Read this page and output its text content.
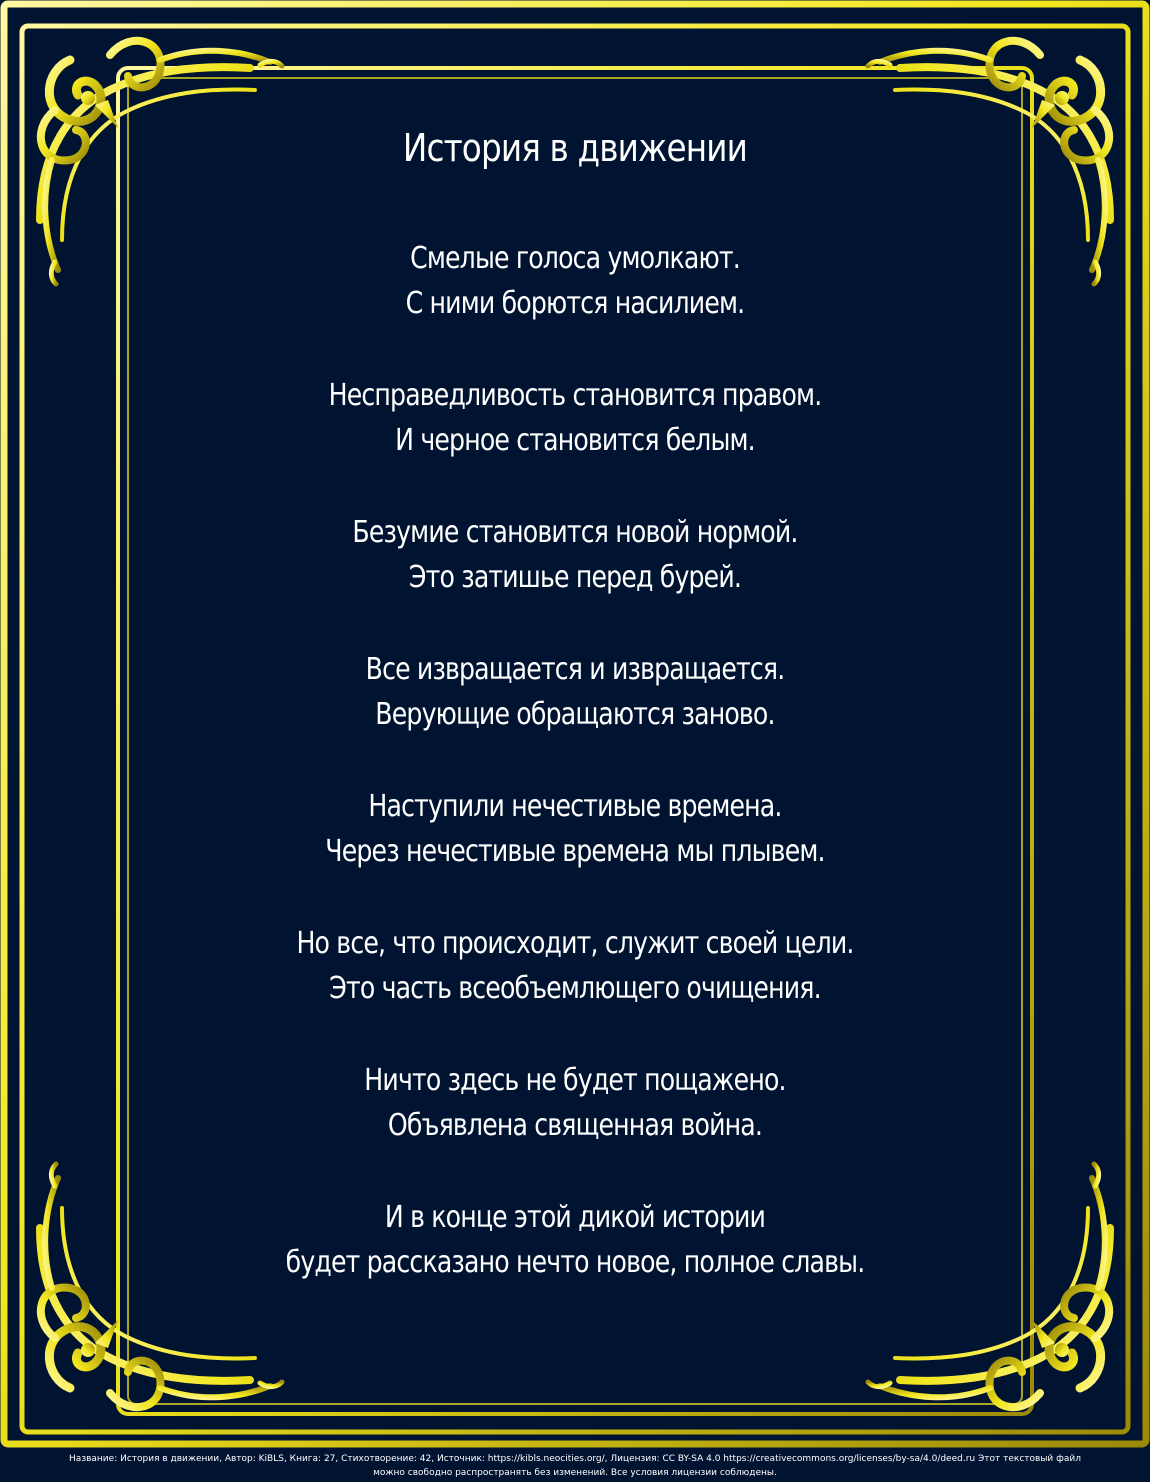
История в движении
Смелые голоса умолкают.
С ними борются насилием.
Несправедливость становится правом.
И черное становится белым.
Безумие становится новой нормой.
Это затишье перед бурей.
Все извращается и извращается.
Верующие обращаются заново.
Наступили нечестивые времена.
Через нечестивые времена мы плывем.
Но все, что происходит, служит своей цели.
Это часть всеобъемлющего очищения.
Ничто здесь не будет пощажено.
Объявлена священная война.
И в конце этой дикой истории
будет рассказано нечто новое, полное славы.
Название: История в движении, Автор: KiBLS, Книга: 27, Стихотворение: 42, Источник: https://kibls.neocities.org/, Лицензия: CC BY-SA 4.0 https://creativecommons.org/licenses/by-sa/4.0/deed.ru Этот текстовый файл
можно свободно распространять без изменений. Все условия лицензии соблюдены.
